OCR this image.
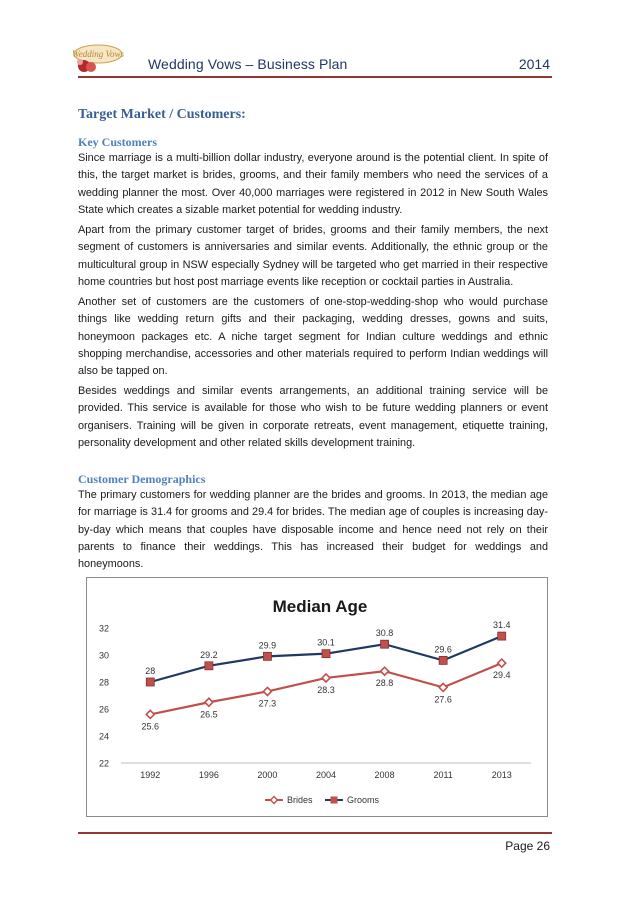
Wedding Vows
Wedding Vows – Business Plan	2014
Target Market / Customers:
Key Customers
Since marriage is a multi-billion dollar industry, everyone around is the potential client. In spite of this, the target market is brides, grooms, and their family members who need the services of a wedding planner the most. Over 40,000 marriages were registered in 2012 in New South Wales State which creates a sizable market potential for wedding industry.
Apart from the primary customer target of brides, grooms and their family members, the next segment of customers is anniversaries and similar events. Additionally, the ethnic group or the multicultural group in NSW especially Sydney will be targeted who get married in their respective home countries but host post marriage events like reception or cocktail parties in Australia.
Another set of customers are the customers of one-stop-wedding-shop who would purchase things like wedding return gifts and their packaging, wedding dresses, gowns and suits, honeymoon packages etc. A niche target segment for Indian culture weddings and ethnic shopping merchandise, accessories and other materials required to perform Indian weddings will also be tapped on.
Besides weddings and similar events arrangements, an additional training service will be provided. This service is available for those who wish to be future wedding planners or event organisers. Training will be given in corporate retreats, event management, etiquette training, personality development and other related skills development training.
Customer Demographics
The primary customers for wedding planner are the brides and grooms. In 2013, the median age for marriage is 31.4 for grooms and 29.4 for brides. The median age of couples is increasing day-by-day which means that couples have disposable income and hence need not rely on their parents to finance their weddings. This has increased their budget for weddings and honeymoons.
Median Age
22
24
26
28
30
32
1992	1996	2000	2004	2008	2011	2013
25.6
26.5
27.3
28.3
28.8
27.6
29.4
28
29.2
29.9	30.1
30.8
29.6
31.4
Brides	Grooms
Page 26
